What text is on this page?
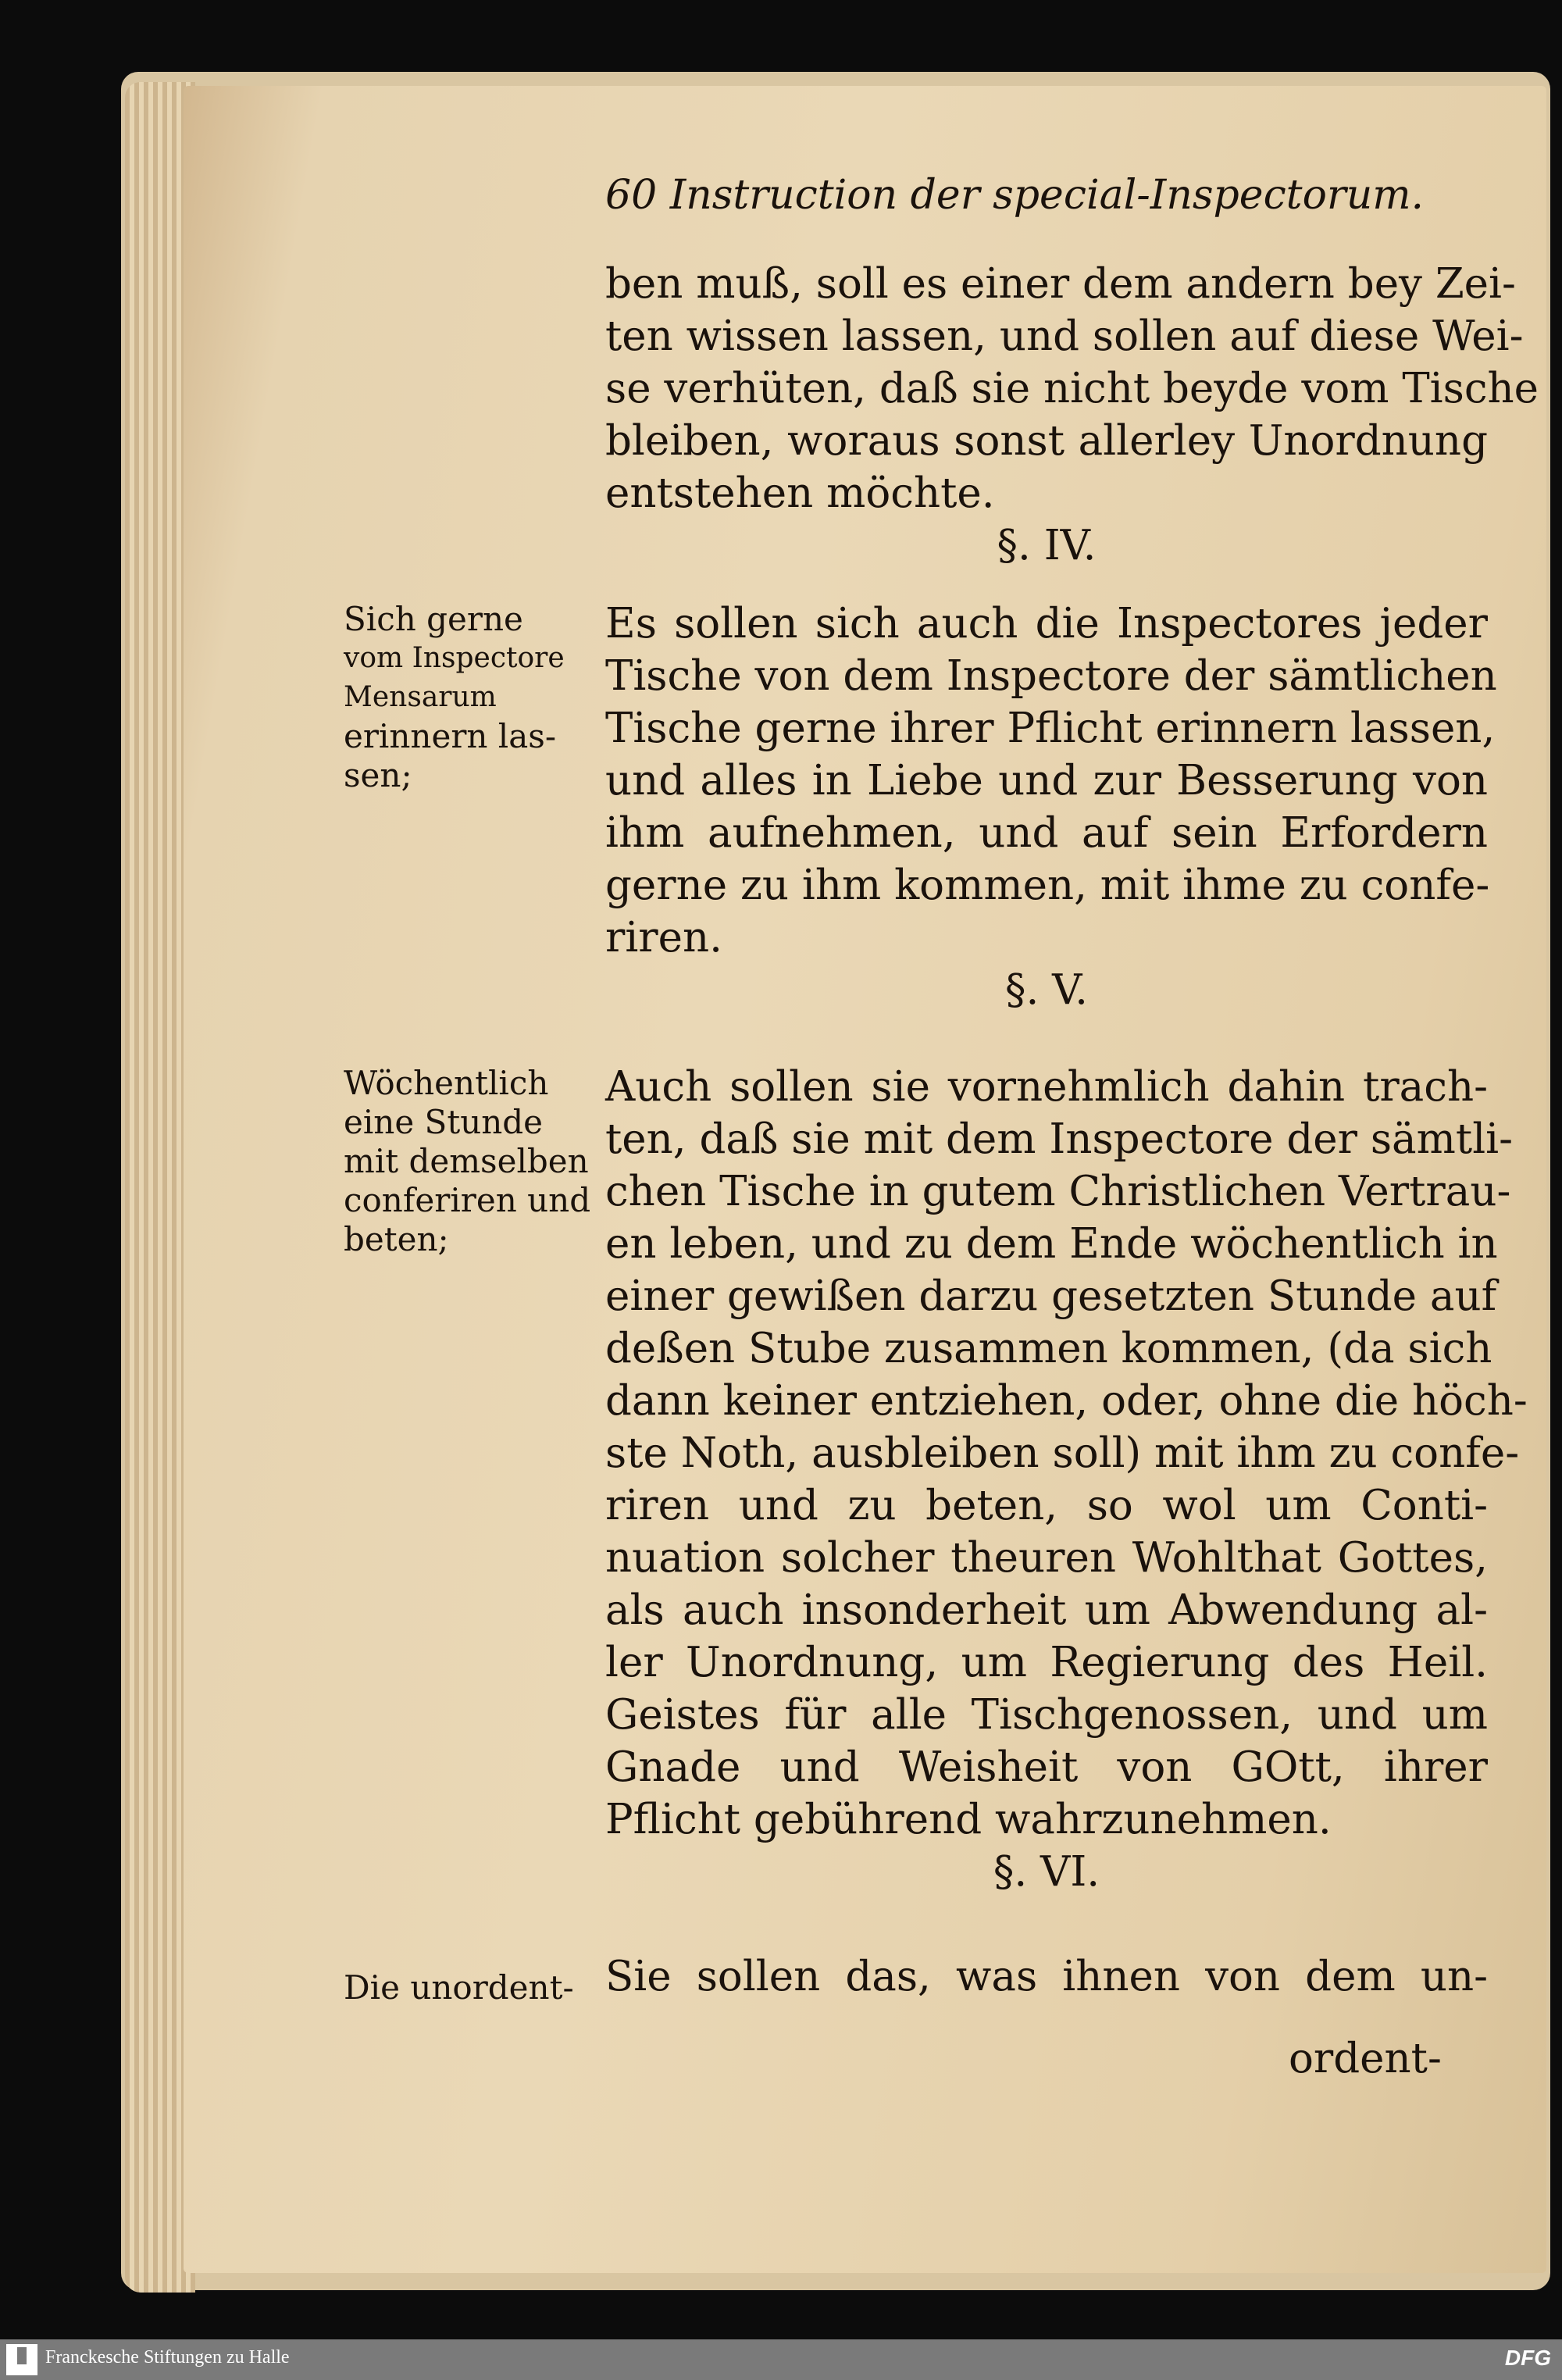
60 Instruction der special-Inspectorum.
ben muß, soll es einer dem andern bey Zei-
ten wissen lassen, und sollen auf diese Wei-
se verhüten, daß sie nicht beyde vom Tische
bleiben, woraus sonst allerley Unordnung
entstehen möchte.
§. IV.
Sich gerne
vom Inspectore
Mensarum
erinnern las-
sen;
Es sollen sich auch die Inspectores jeder
Tische von dem Inspectore der sämtlichen
Tische gerne ihrer Pflicht erinnern lassen,
und alles in Liebe und zur Besserung von
ihm aufnehmen, und auf sein Erfordern
gerne zu ihm kommen, mit ihme zu confe-
riren.
§. V.
Wöchentlich
eine Stunde
mit demselben
conferiren und
beten;
Auch sollen sie vornehmlich dahin trach-
ten, daß sie mit dem Inspectore der sämtli-
chen Tische in gutem Christlichen Vertrau-
en leben, und zu dem Ende wöchentlich in
einer gewißen darzu gesetzten Stunde auf
deßen Stube zusammen kommen, (da sich
dann keiner entziehen, oder, ohne die höch-
ste Noth, ausbleiben soll) mit ihm zu confe-
riren und zu beten, so wol um Conti-
nuation solcher theuren Wohlthat Gottes,
als auch insonderheit um Abwendung al-
ler Unordnung, um Regierung des Heil.
Geistes für alle Tischgenossen, und um
Gnade und Weisheit von GOtt, ihrer
Pflicht gebührend wahrzunehmen.
§. VI.
Die unordent- Sie sollen das, was ihnen von dem un-
ordent-
Franckesche Stiftungen zu Halle	DFG
